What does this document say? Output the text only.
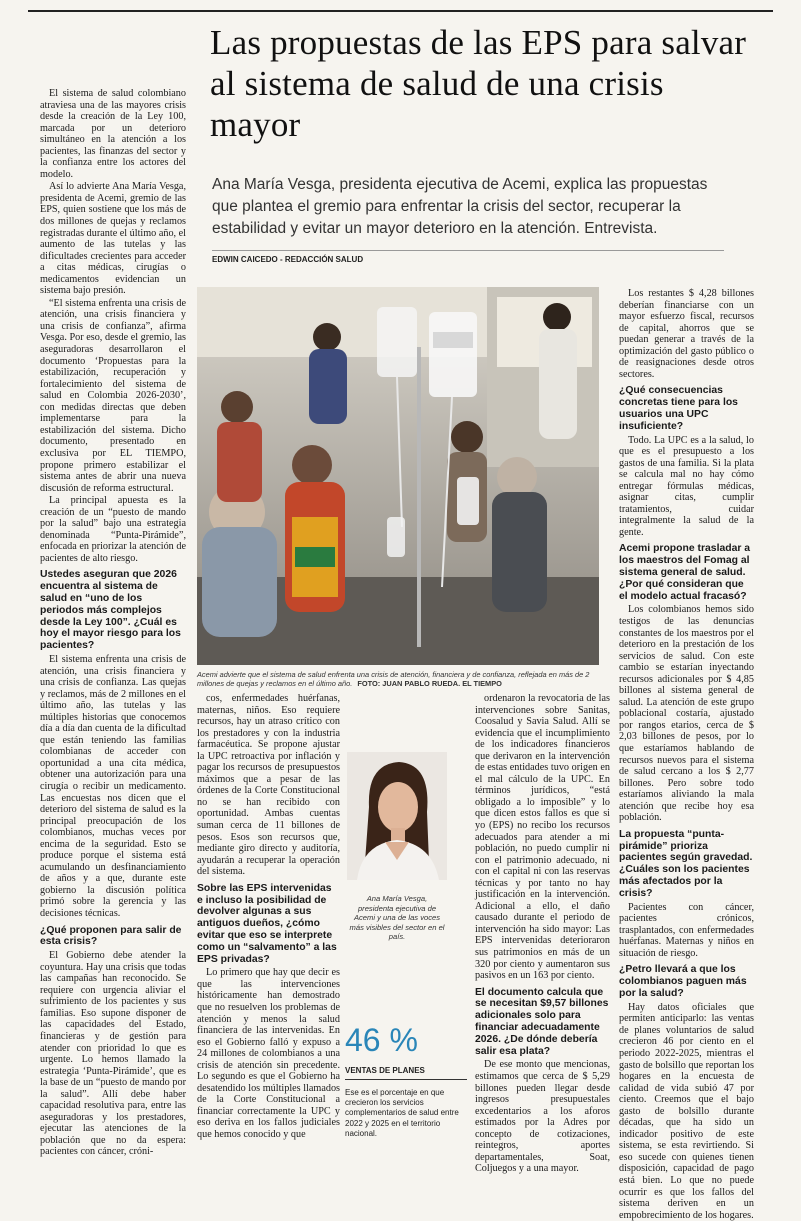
Las propuestas de las EPS para salvar al sistema de salud de una crisis mayor

Ana María Vesga, presidenta ejecutiva de Acemi, explica las propuestas que plantea el gremio para enfrentar la crisis del sector, recuperar la estabilidad y evitar un mayor deterioro en la atención. Entrevista.

EDWIN CAICEDO - REDACCIÓN SALUD

El sistema de salud colombiano atraviesa una de las mayores crisis desde la creación de la Ley 100, marcada por un deterioro simultáneo en la atención a los pacientes, las finanzas del sector y la confianza entre los actores del modelo.

Así lo advierte Ana María Vesga, presidenta de Acemi, gremio de las EPS, quien sostiene que los más de dos millones de quejas y reclamos registradas durante el último año, el aumento de las tutelas y las dificultades crecientes para acceder a citas médicas, cirugías o medicamentos evidencian un sistema bajo presión.

“El sistema enfrenta una crisis de atención, una crisis financiera y una crisis de confianza”, afirma Vesga. Por eso, desde el gremio, las aseguradoras desarrollaron el documento ‘Propuestas para la estabilización, recuperación y fortalecimiento del sistema de salud en Colombia 2026-2030’, con medidas directas que deben implementarse para la estabilización del sistema. Dicho documento, presentado en exclusiva por EL TIEMPO, propone primero estabilizar el sistema antes de abrir una nueva discusión de reforma estructural.

La principal apuesta es la creación de un “puesto de mando por la salud” bajo una estrategia denominada “Punta-Pirámide”, enfocada en priorizar la atención de pacientes de alto riesgo.

Ustedes aseguran que 2026 encuentra al sistema de salud en “uno de los periodos más complejos desde la Ley 100”. ¿Cuál es hoy el mayor riesgo para los pacientes?

El sistema enfrenta una crisis de atención, una crisis financiera y una crisis de confianza. Las quejas y reclamos, más de 2 millones en el último año, las tutelas y las múltiples historias que conocemos día a día dan cuenta de la dificultad que están teniendo las familias colombianas de acceder con oportunidad a una cita médica, obtener una autorización para una cirugía o recibir un medicamento. Las encuestas nos dicen que el deterioro del sistema de salud es la principal preocupación de los colombianos, muchas veces por encima de la seguridad. Esto se produce porque el sistema está acumulando un desfinanciamiento de años y a que, durante este gobierno la discusión política primó sobre la gerencia y las decisiones técnicas.

¿Qué proponen para salir de esta crisis?

El Gobierno debe atender la coyuntura. Hay una crisis que todas las campañas han reconocido. Se requiere con urgencia aliviar el sufrimiento de los pacientes y sus familias. Eso supone disponer de las capacidades del Estado, financieras y de gestión para atender con prioridad lo que es urgente. Lo hemos llamado la estrategia ‘Punta-Pirámide’, que es la base de un “puesto de mando por la salud”. Allí debe haber capacidad resolutiva para, entre las aseguradoras y los prestadores, ejecutar las atenciones de la población que no da espera: pacientes con cáncer, cróni-

cos, enfermedades huérfanas, maternas, niños. Eso requiere recursos, hay un atraso crítico con los prestadores y con la industria farmacéutica. Se propone ajustar la UPC retroactiva por inflación y pagar los recursos de presupuestos máximos que a pesar de las órdenes de la Corte Constitucional no se han recibido con oportunidad. Ambas cuentas suman cerca de 11 billones de pesos. Esos son recursos que, mediante giro directo y auditoría, ayudarán a recuperar la operación del sistema.

Sobre las EPS intervenidas e incluso la posibilidad de devolver algunas a sus antiguos dueños, ¿cómo evitar que eso se interprete como un “salvamento” a las EPS privadas?

Lo primero que hay que decir es que las intervenciones históricamente han demostrado que no resuelven los problemas de atención y menos la salud financiera de las intervenidas. En eso el Gobierno falló y expuso a 24 millones de colombianos a una crisis de atención sin precedente. Lo segundo es que el Gobierno ha desatendido los múltiples llamados de la Corte Constitucional a financiar correctamente la UPC y eso deriva en los fallos judiciales que hemos conocido y que

ordenaron la revocatoria de las intervenciones sobre Sanitas, Coosalud y Savia Salud. Allí se evidencia que el incumplimiento de los indicadores financieros que derivaron en la intervención de estas entidades tuvo origen en el mal cálculo de la UPC. En términos jurídicos, “está obligado a lo imposible” y lo que dicen estos fallos es que si yo (EPS) no recibo los recursos adecuados para atender a mi población, no puedo cumplir ni con el patrimonio adecuado, ni con el capital ni con las reservas técnicas y por tanto no hay justificación en la intervención. Adicional a ello, el daño causado durante el periodo de intervención ha sido mayor: Las EPS intervenidas deterioraron sus patrimonios en más de un 320 por ciento y aumentaron sus pasivos en un 163 por ciento.

El documento calcula que se necesitan $9,57 billones adicionales solo para financiar adecuadamente 2026. ¿De dónde debería salir esa plata?

De ese monto que mencionas, estimamos que cerca de $ 5,29 billones pueden llegar desde ingresos presupuestales excedentarios a los aforos estimados por la Adres por concepto de cotizaciones, reintegros, aportes departamentales, Soat, Coljuegos y a una mayor.

Los restantes $ 4,28 billones deberían financiarse con un mayor esfuerzo fiscal, recursos de capital, ahorros que se puedan generar a través de la optimización del gasto público o de reasignaciones desde otros sectores.

¿Qué consecuencias concretas tiene para los usuarios una UPC insuficiente?

Todo. La UPC es a la salud, lo que es el presupuesto a los gastos de una familia. Si la plata se calcula mal no hay cómo entregar fórmulas médicas, asignar citas, cumplir tratamientos, cuidar integralmente la salud de la gente.

Acemi propone trasladar a los maestros del Fomag al sistema general de salud. ¿Por qué consideran que el modelo actual fracasó?

Los colombianos hemos sido testigos de las denuncias constantes de los maestros por el deterioro en la prestación de los servicios de salud. Con este cambio se estarían inyectando recursos adicionales por $ 4,85 billones al sistema general de salud. La atención de este grupo poblacional costaría, ajustado por rangos etarios, cerca de $ 2,03 billones de pesos, por lo que estaríamos hablando de recursos nuevos para el sistema de salud cercano a los $ 2,77 billones. Pero sobre todo estaríamos aliviando la mala atención que recibe hoy esa población.

La propuesta “punta-pirámide” prioriza pacientes según gravedad. ¿Cuáles son los pacientes más afectados por la crisis?

Pacientes con cáncer, pacientes crónicos, trasplantados, con enfermedades huérfanas. Maternas y niños en situación de riesgo.

¿Petro llevará a que los colombianos paguen más por la salud?

Hay datos oficiales que permiten anticiparlo: las ventas de planes voluntarios de salud crecieron 46 por ciento en el periodo 2022-2025, mientras el gasto de bolsillo que reportan los hogares en la encuesta de calidad de vida subió 47 por ciento. Creemos que el bajo gasto de bolsillo durante décadas, que ha sido un indicador positivo de este sistema, se esta revirtiendo. Si eso sucede con quienes tienen disposición, capacidad de pago está bien. Lo que no puede ocurrir es que los fallos del sistema deriven en un empobrecimiento de los hogares.

Acemi advierte que el sistema de salud enfrenta una crisis de atención, financiera y de confianza, reflejada en más de 2 millones de quejas y reclamos en el último año. FOTO: JUAN PABLO RUEDA. EL TIEMPO
Ana María Vesga, presidenta ejecutiva de Acemi y una de las voces más visibles del sector en el país.
46 %
VENTAS DE PLANES
Ese es el porcentaje en que crecieron los servicios complementarios de salud entre 2022 y 2025 en el territorio nacional.
